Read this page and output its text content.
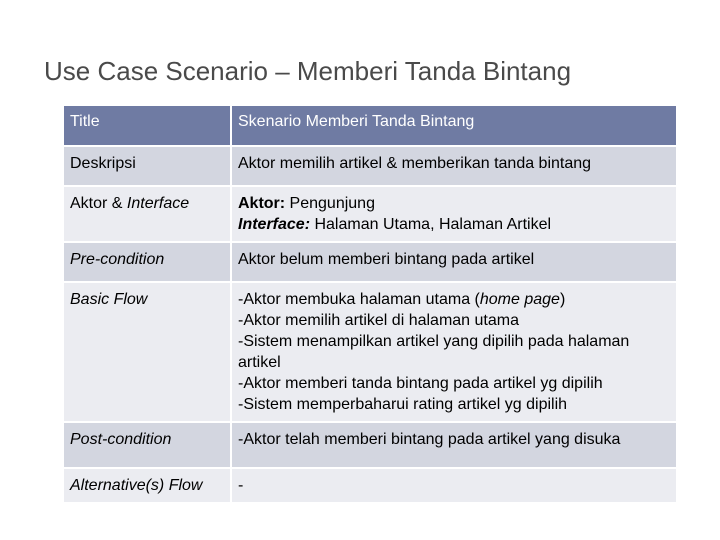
Use Case Scenario – Memberi Tanda Bintang
Title	Skenario Memberi Tanda Bintang
Deskripsi	Aktor memilih artikel & memberikan tanda bintang
Aktor & Interface	Aktor: Pengunjung
Interface: Halaman Utama, Halaman Artikel

Pre-condition	Aktor belum memberi bintang pada artikel
Basic Flow	-Aktor membuka halaman utama (home page)
-Aktor memilih artikel di halaman utama
-Sistem menampilkan artikel yang dipilih pada halaman artikel
-Aktor memberi tanda bintang pada artikel yg dipilih
-Sistem memperbaharui rating artikel yg dipilih

Post-condition	-Aktor telah memberi bintang pada artikel yang disuka
Alternative(s) Flow	-
